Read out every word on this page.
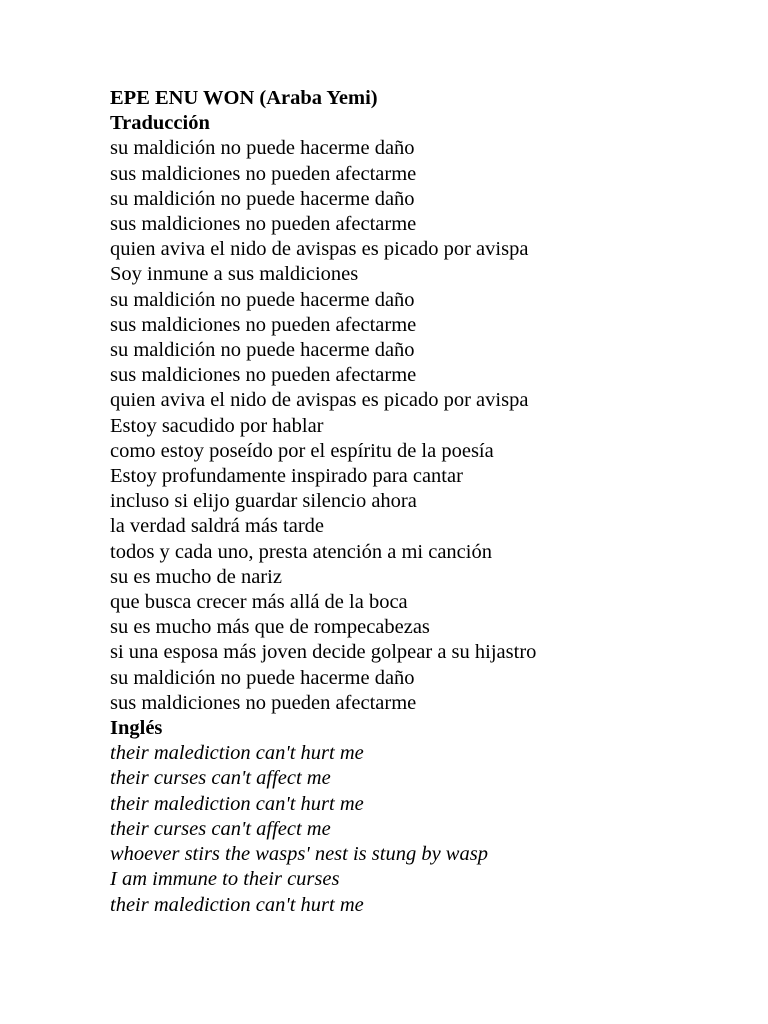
EPE ENU WON (Araba Yemi)
Traducción
su maldición no puede hacerme daño
sus maldiciones no pueden afectarme
su maldición no puede hacerme daño
sus maldiciones no pueden afectarme
quien aviva el nido de avispas es picado por avispa
Soy inmune a sus maldiciones
su maldición no puede hacerme daño
sus maldiciones no pueden afectarme
su maldición no puede hacerme daño
sus maldiciones no pueden afectarme
quien aviva el nido de avispas es picado por avispa
Estoy sacudido por hablar
como estoy poseído por el espíritu de la poesía
Estoy profundamente inspirado para cantar
incluso si elijo guardar silencio ahora
la verdad saldrá más tarde
todos y cada uno, presta atención a mi canción
su es mucho de nariz
que busca crecer más allá de la boca
su es mucho más que de rompecabezas
si una esposa más joven decide golpear a su hijastro
su maldición no puede hacerme daño
sus maldiciones no pueden afectarme
Inglés
their malediction can't hurt me
their curses can't affect me
their malediction can't hurt me
their curses can't affect me
whoever stirs the wasps' nest is stung by wasp
I am immune to their curses
their malediction can't hurt me
